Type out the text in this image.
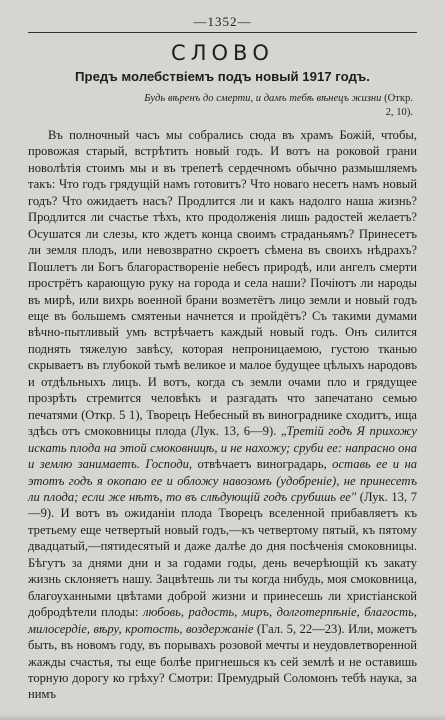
—1352—
СЛОВО
Предъ молебствіемъ подъ новый 1917 годъ.
Будь вѣренъ до смерти, и дамъ тебѣ вѣнецъ жизни (Откр. 2, 10).

Въ полночный часъ мы собрались сюда въ храмъ Божій, чтобы, провожая старый, встрѣтить новый годъ. И вотъ на роковой грани новолѣтія стоимъ мы и въ трепетѣ сердечномъ обычно размышляемъ такъ: Что годъ грядущій намъ готовитъ? Что новаго несетъ намъ новый годъ? Что ожидаетъ насъ? Продлится ли и какъ надолго наша жизнь? Продлится ли счастье тѣхъ, кто продолженія лишь радостей желаетъ? Осушатся ли слезы, кто ждетъ конца своимъ страданьямъ? Принесетъ ли земля плодъ, или невозвратно скроетъ сѣмена въ своихъ нѣдрахъ? Пошлетъ ли Богъ благораствореніе небесъ природѣ, или ангелъ смерти прострётъ карающую руку на города и села наши? Почіютъ ли народы въ мирѣ, или вихрь военной брани возметётъ лицо земли и новый годъ еще въ большемъ смятеньи начнется и пройдётъ? Съ такими думами вѣчно-пытливый умъ встрѣчаетъ каждый новый годъ. Онъ силится поднять тяжелую завѣсу, которая непроницаемою, густою тканью скрываетъ въ глубокой тьмѣ великое и малое будущее цѣлыхъ народовъ и отдѣльныхъ лицъ. И вотъ, когда съ земли очами пло и грядущее прозрѣть стремится человѣкъ и разгадать что запечатано семью печатями (Откр. 5 1), Творецъ Небесный въ винограднике сходитъ, ища здѣсь отъ смоковницы плода (Лук. 13, 6—9). „Третій годъ Я прихожу искать плода на этой смоковницѣ, и не нахожу; сруби ее: напрасно она и землю занимаетъ. Господи, отвѣчаетъ виноградарь, оставь ее и на этотъ годъ я окопаю ее и обложу навозомъ (удобреніе), не принесетъ ли плода; если же нѣтъ, то въ слѣдующій годъ срубишь ее" (Лук. 13, 7—9). И вотъ въ ожиданіи плода Творецъ вселенной прибавляетъ къ третьему еще четвертый новый годъ,—къ четвертому пятый, къ пятому двадцатый,—пятидесятый и даже далѣе до дня посѣченія смоковницы. Бѣгутъ за днями дни и за годами годы, день вечерѣющій къ закату жизнь склоняетъ нашу. Зацвѣтешь ли ты когда нибудь, моя смоковница, благоуханными цвѣтами доброй жизни и принесешь ли христіанской добродѣтели плоды: любовь, радость, миръ, долготерпѣніе, благость, милосердіе, вѣру, кротость, воздержаніе (Гал. 5, 22—23). Или, можетъ быть, въ новомъ году, въ порывахъ розовой мечты и неудовлетворенной жажды счастья, ты еще болѣе пригнешься къ сей землѣ и не оставишь торную дорогу ко грѣху? Смотри: Премудрый Соломонъ тебѣ наука, за нимъ
